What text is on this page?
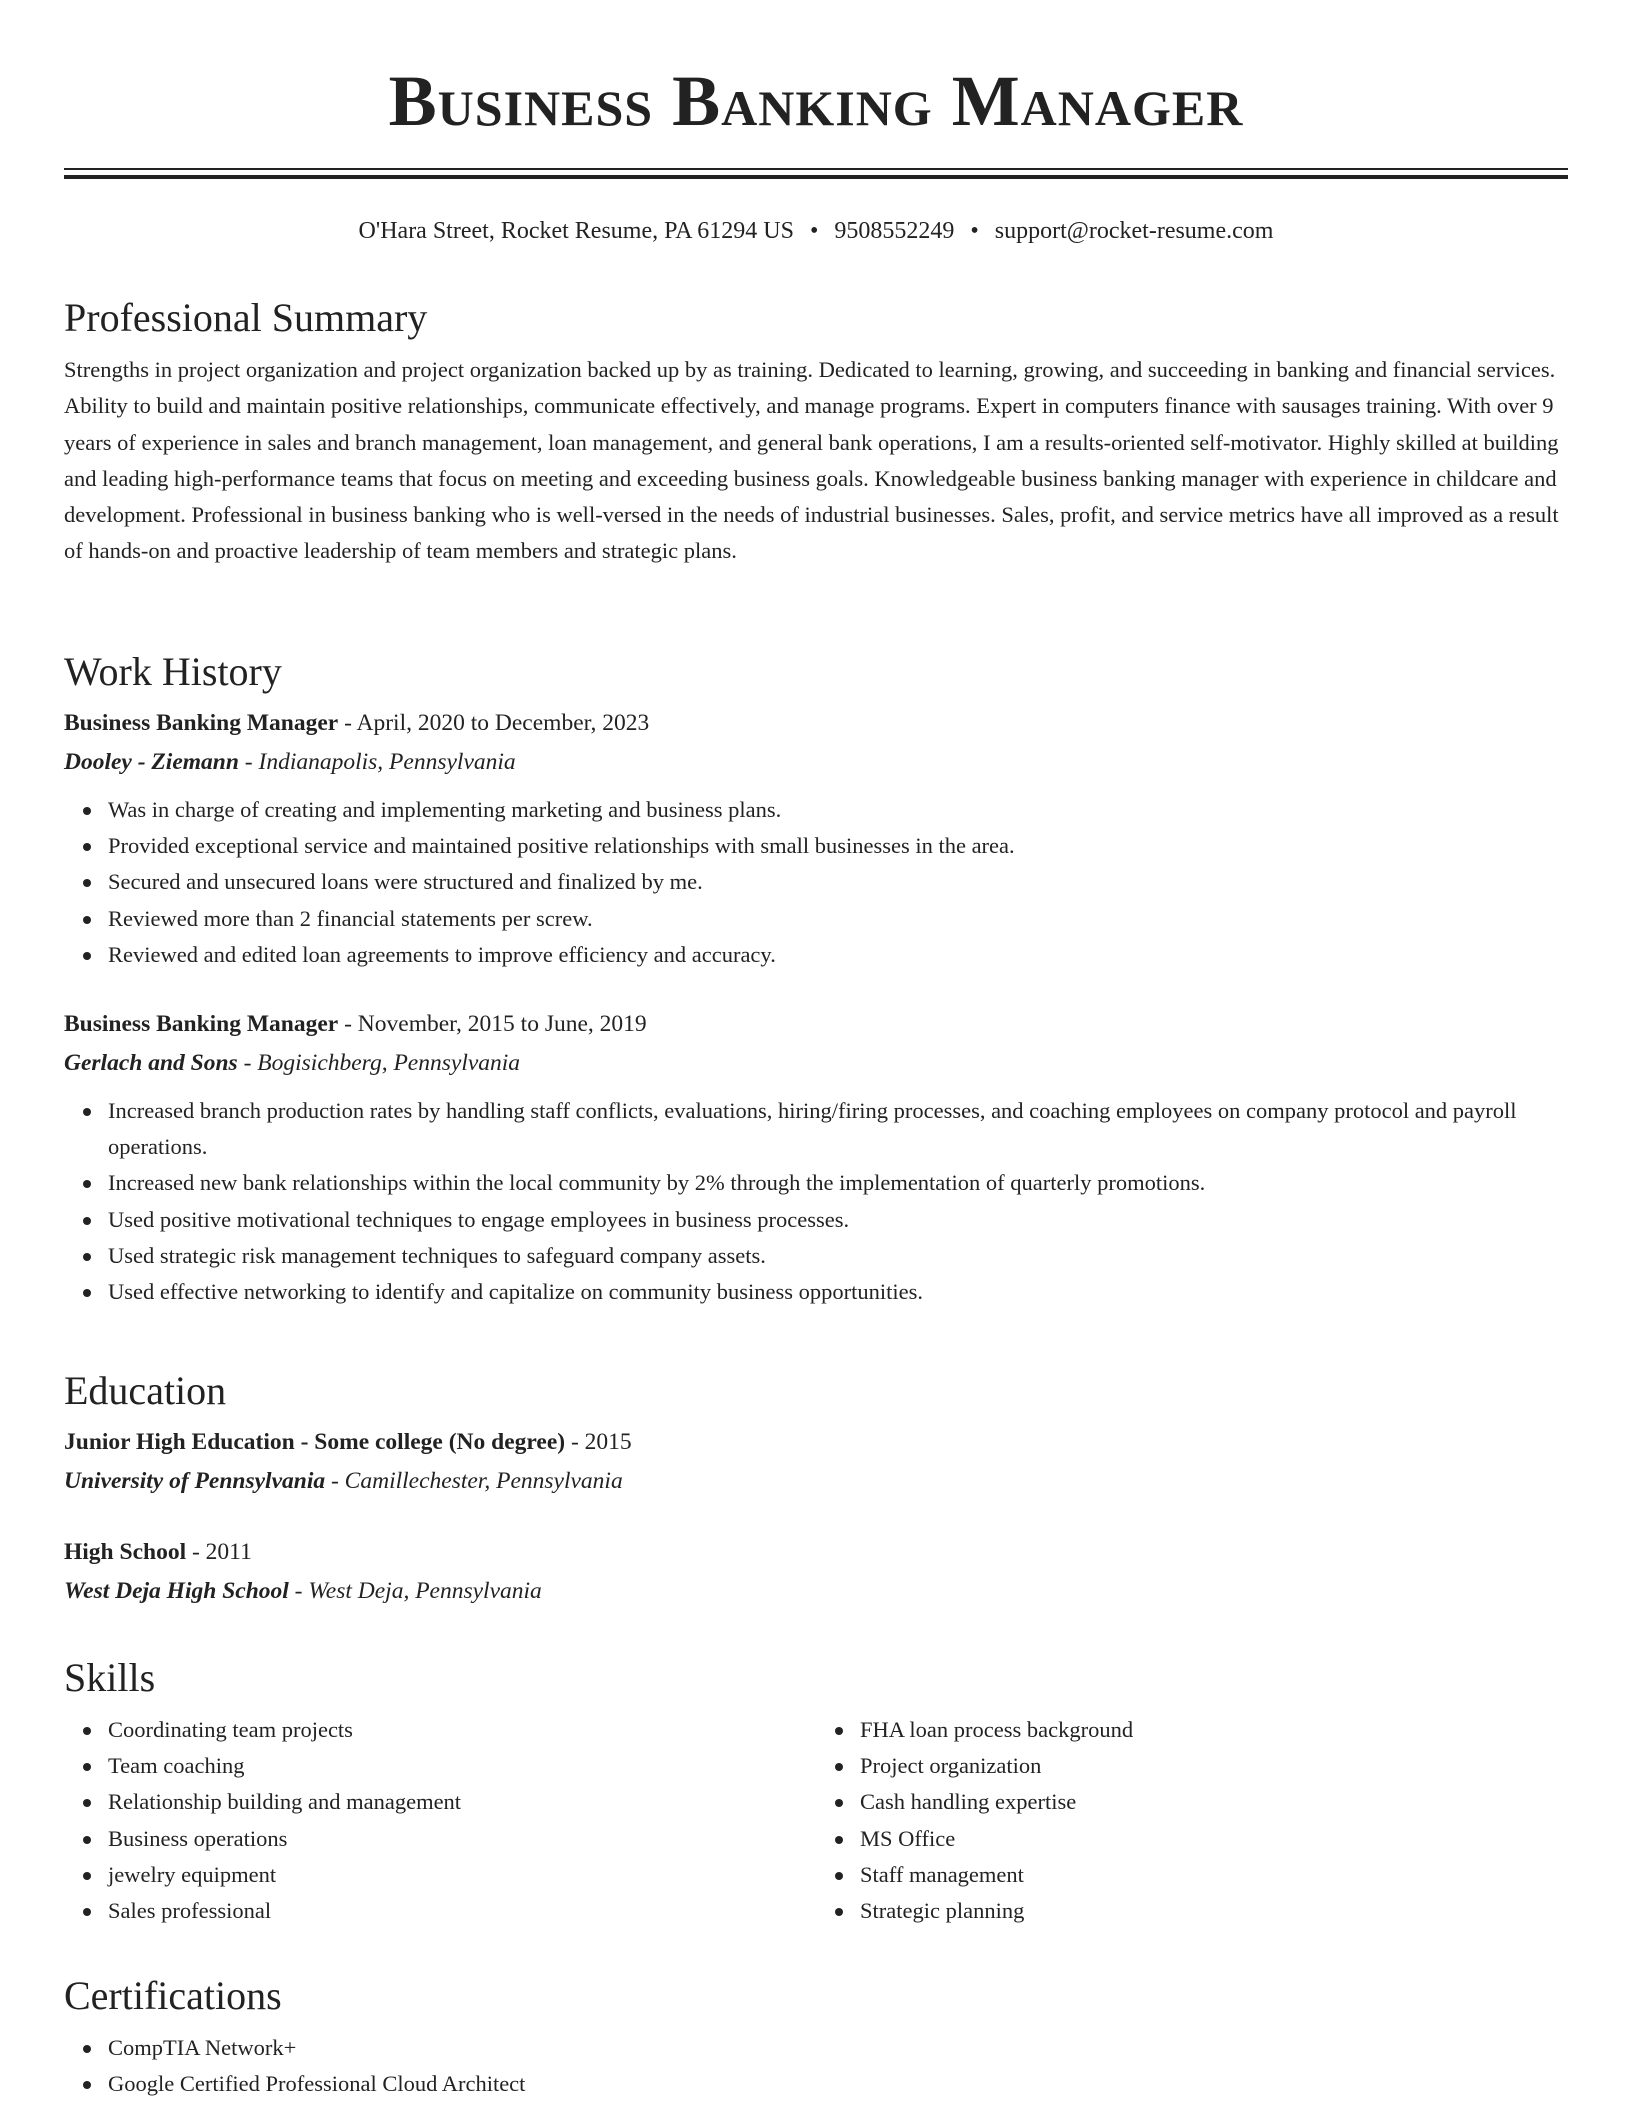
Business Banking Manager
O'Hara Street, Rocket Resume, PA 61294 US • 9508552249 • support@rocket-resume.com
Professional Summary

Strengths in project organization and project organization backed up by as training. Dedicated to learning, growing, and succeeding in banking and financial services. Ability to build and maintain positive relationships, communicate effectively, and manage programs. Expert in computers finance with sausages training. With over 9 years of experience in sales and branch management, loan management, and general bank operations, I am a results-oriented self-motivator. Highly skilled at building and leading high-performance teams that focus on meeting and exceeding business goals. Knowledgeable business banking manager with experience in childcare and development. Professional in business banking who is well-versed in the needs of industrial businesses. Sales, profit, and service metrics have all improved as a result of hands-on and proactive leadership of team members and strategic plans.

Work History
Business Banking Manager - April, 2020 to December, 2023
Dooley - Ziemann - Indianapolis, Pennsylvania
Was in charge of creating and implementing marketing and business plans.
Provided exceptional service and maintained positive relationships with small businesses in the area.
Secured and unsecured loans were structured and finalized by me.
Reviewed more than 2 financial statements per screw.
Reviewed and edited loan agreements to improve efficiency and accuracy.
Business Banking Manager - November, 2015 to June, 2019
Gerlach and Sons - Bogisichberg, Pennsylvania
Increased branch production rates by handling staff conflicts, evaluations, hiring/firing processes, and coaching employees on company protocol and payroll operations.
Increased new bank relationships within the local community by 2% through the implementation of quarterly promotions.
Used positive motivational techniques to engage employees in business processes.
Used strategic risk management techniques to safeguard company assets.
Used effective networking to identify and capitalize on community business opportunities.
Education
Junior High Education - Some college (No degree) - 2015
University of Pennsylvania - Camillechester, Pennsylvania
High School - 2011
West Deja High School - West Deja, Pennsylvania
Skills
Coordinating team projects
Team coaching
Relationship building and management
Business operations
jewelry equipment
Sales professional
FHA loan process background
Project organization
Cash handling expertise
MS Office
Staff management
Strategic planning
Certifications
CompTIA Network+
Google Certified Professional Cloud Architect
